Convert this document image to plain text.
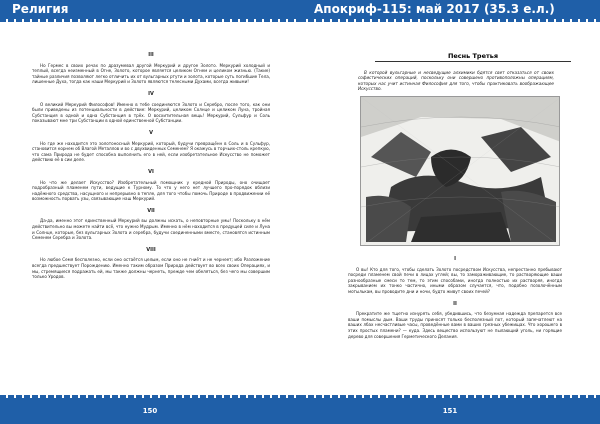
Религия
III
Но Гермес в своих речах по дразумевал другой Меркурий и другое Золото. Меркурий холодный и теплый, всегда неизменный в Огне, Золото, которое является целиком Огнем и целиком жизнью. (Такие) тайные различия позволяют легко отличить их от вульгарных ртути и золота, которые суть погибшие Тела, лишенные Духа, тогда как наши Меркурий и Золото являются телесными Духами, всегда живыми!
IV
О великий Меркурий Философов! Именно в тебе соединяются Золото и Серебро, после того, как они были приведены из потенциальности в действие: Меркурий, целиком Солнце и целиком Луна, тройная Субстанция в одной и одна Субстанция в трёх. О восхитительная вещь! Меркурий, Сульфур и Соль показывают мне три Субстанции в одной единственной Субстанции.
V
Но где же находится это золотоносный Меркурий, который, будучи превращённ в Соль и в Сульфур, становится корнем об Влагой Металлов и во с двухвиденных Семенем? Я окажусь в торчьих-столь крепкую, что сама Природа не будет способна выполнить его в ней, если изобретательное Искусство не поможет действию её в сии деле.
VI
Но что же делает Искусство? Изобретательный помощник у кредной Природы, оно очищает подробразный пламенем пути, ведущие к Турному. То что у него нет лучшего про-порядок вблизи надёжного средства, насущного и непрерывно в тепле, для того чтобы помочь Природе в продвижении её возможность порвать узы, связывающие наш Меркурий.
VII
Да-да, именно этот единственный Меркурий вы должны искать, о неповторные умы! Поскольку в нём действительно вы можете найти всё, что нужно Мудрым. Именно в нём находится в предущей силе и Луна и Солнце, которые, без вульгарных Золота и серебра, будучи соединенными вместе, становятся истинным Семенем Серебра и Золота.
VIII
Но любое Семя бесполезно, если оно остаётся целым, если оно не гниёт и не чернеет; ибо Разложение всегда предшествует Порождению. Именно таким образом Природа действует во всех своих Операциях, и мы, стремящиеся подражать ей, мы также должны чернеть, прежде чем обеляться, без чего мы совершим только Уродов.
150
Апокриф-115: май 2017 (35.3 е.л.)
Песнь Третья
В которой вульгарные и несведущие алхимики бдятся свет отказаться от своих софистических операций, поскольку они совершено противоположны операциям, которых нас учит истинная Философия для того, чтобы практиковать воображающее Искусство.
I
О вы! Кто для того, чтобы сделать Золото посредством Искусства, непрестанно пребывают посреди пламенем свой печи в лицах углей; вы, то замораживающие, то растворяющие ваши разнообразные смеси то тем, то этим способами, иногда полностью их растворяя, иногда закрыванием их тонко частично, иными образом случается, что, подобно позолочённым мотылькам, вы проводите дни и ночи, будто живут своих печей?
II
Прекратите же тщетно изнурять себя, убедившись, что безумная надежда препарется все ваши помыслы дым. Ваши труды приносят только бесполезный пот, который запечатлеют на ваших лбах несчастливые часы, проведённые вами в ваших грезных убежищах. Что хорошего в этих простых пламени? — куда. Здесь вещество используют не пылающий уголь, ни горящие дерево для совершения Герметического Делания.
151
